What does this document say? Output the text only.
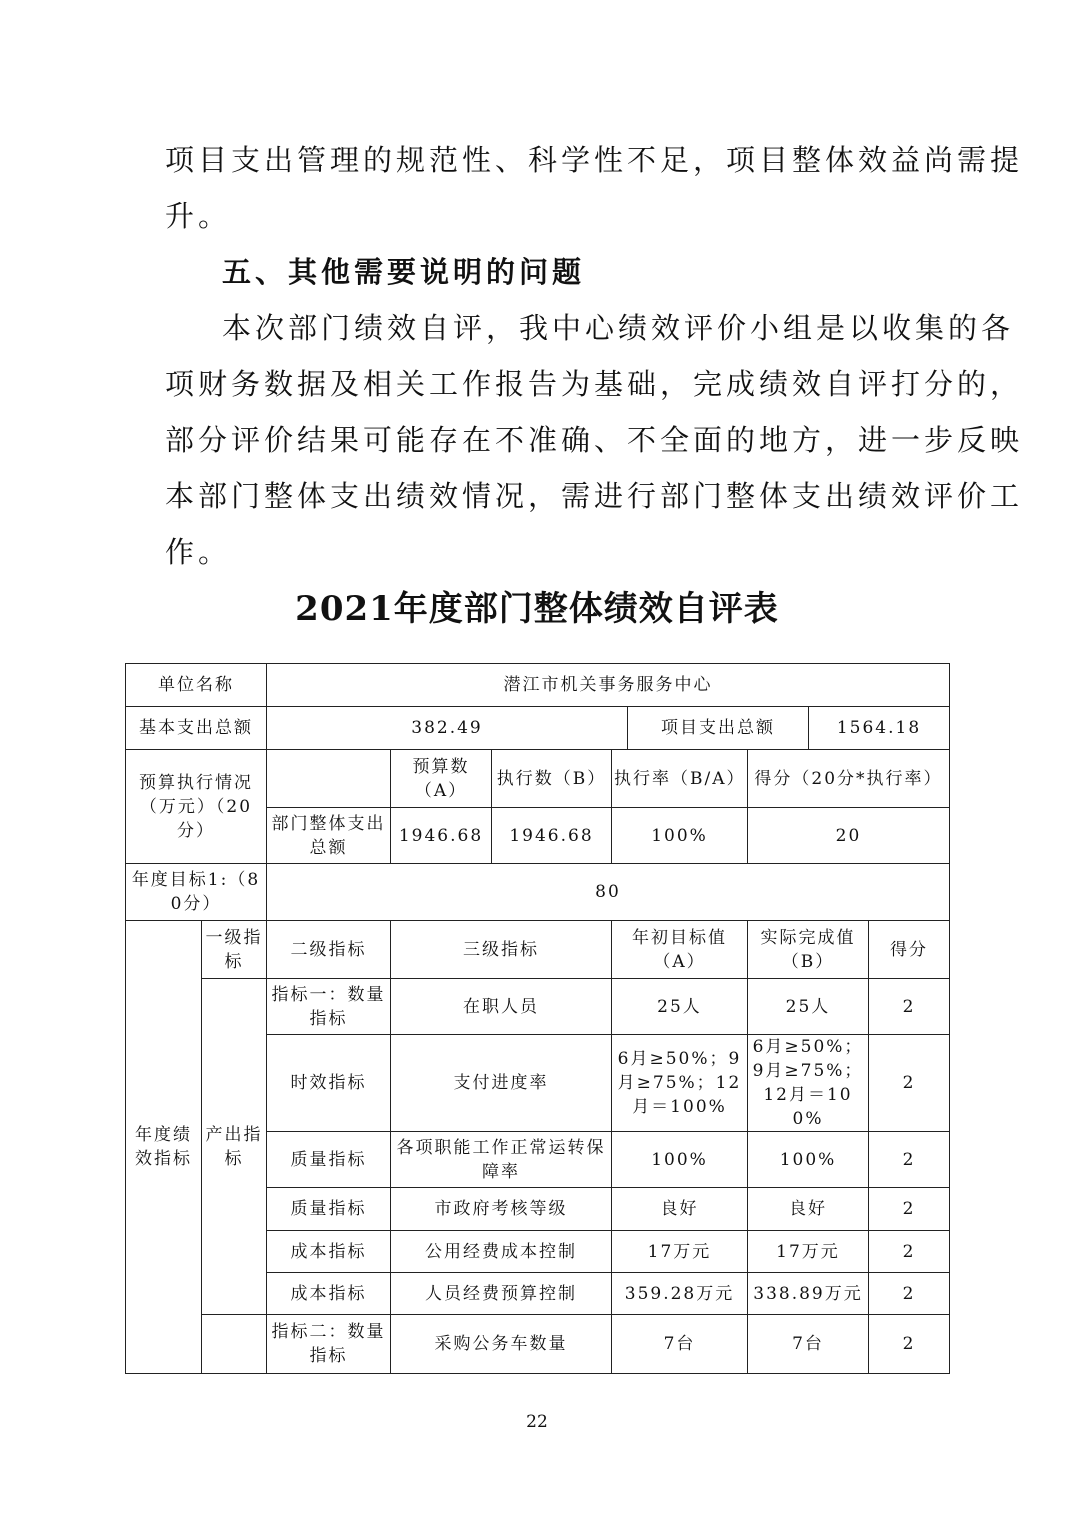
项目支出管理的规范性、科学性不足，项目整体效益尚需提
升。
五、其他需要说明的问题
本次部门绩效自评，我中心绩效评价小组是以收集的各
项财务数据及相关工作报告为基础，完成绩效自评打分的，
部分评价结果可能存在不准确、不全面的地方，进一步反映
本部门整体支出绩效情况，需进行部门整体支出绩效评价工
作。
2021年度部门整体绩效自评表
单位名称		潜江市机关事务服务中心							
基本支出总额		382.49				项目支出总额		1564.18	
预算执行情况（万元）（20分）			预算数（A）	执行数（B）	执行率（B/A）		得分（20分*执行率）		
		部门整体支出总额	1946.68	1946.68	100%		20		
年度目标1:（80分）		80							
年度绩效指标	一级指标	二级指标	三级指标		年初目标值（A）		实际完成值（B）		得分
	产出指标	指标一：数量指标	在职人员		25人		25人		2
		时效指标	支付进度率		6月≥50%；9月≥75%；12月＝100%		6月≥50%；9月≥75%；12月＝100%		2
		质量指标	各项职能工作正常运转保障率		100%		100%		2
		质量指标	市政府考核等级		良好		良好		2
		成本指标	公用经费成本控制		17万元		17万元		2
		成本指标	人员经费预算控制		359.28万元		338.89万元		2
		指标二：数量指标	采购公务车数量		7台		7台		2
22
